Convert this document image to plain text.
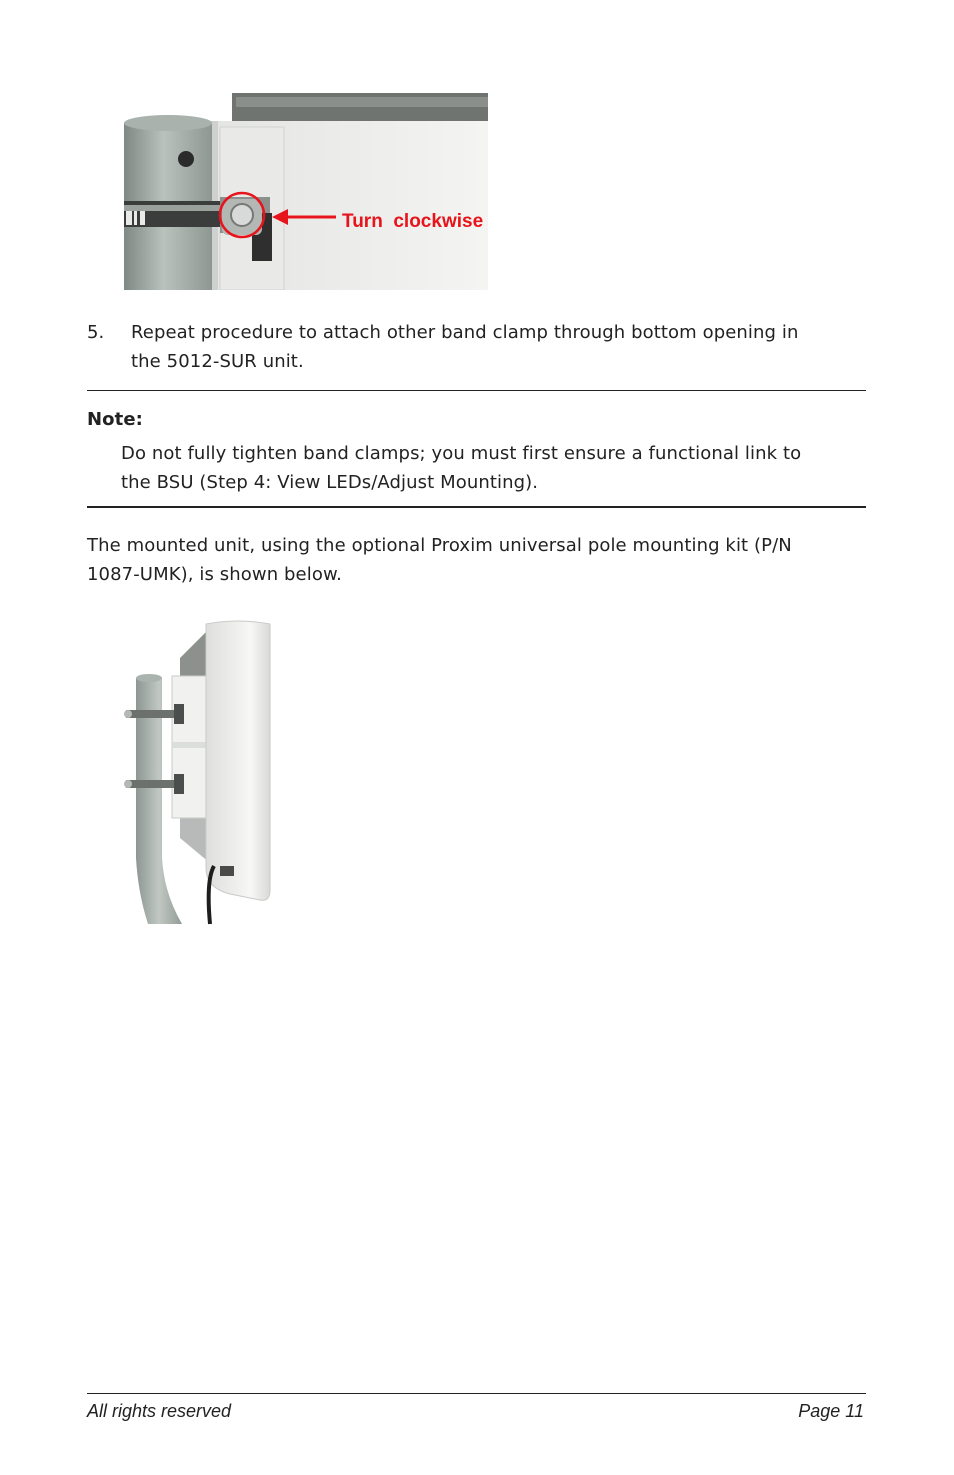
Turn  clockwise
5. Repeat procedure to attach other band clamp through bottom opening in
the 5012-SUR unit.
Note:
Do not fully tighten band clamps; you must first ensure a functional link to
the BSU (Step 4: View LEDs/Adjust Mounting).
The mounted unit, using the optional Proxim universal pole mounting kit (P/N
1087-UMK), is shown below.
All rights reserved	Page 11
